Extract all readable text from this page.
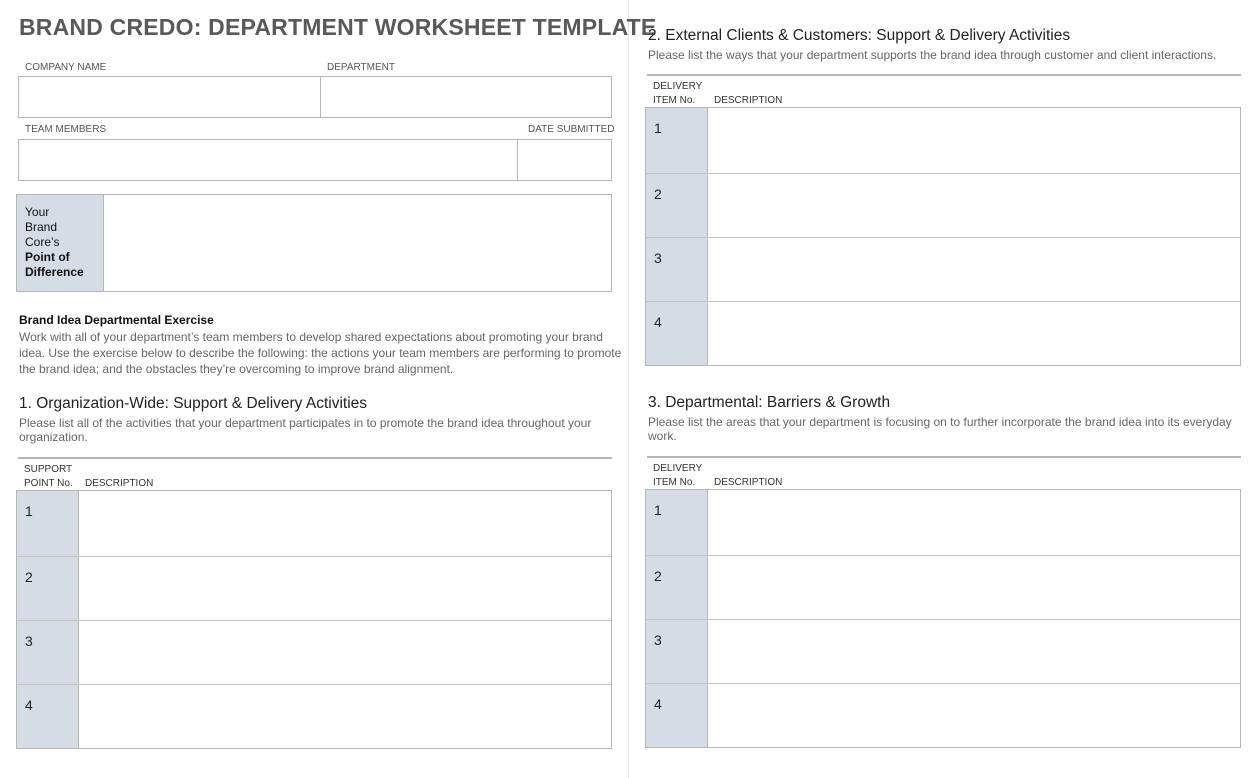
BRAND CREDO: DEPARTMENT WORKSHEET TEMPLATE
COMPANY NAME	DEPARTMENT
TEAM MEMBERS	DATE SUBMITTED
Your
Brand
Core’s
Point of
Difference
Brand Idea Departmental Exercise
Work with all of your department’s team members to develop shared expectations about promoting your brand idea. Use the exercise below to describe the following: the actions your team members are performing to promote the brand idea; and the obstacles they’re overcoming to improve brand alignment.
1. Organization-Wide: Support & Delivery Activities
Please list all of the activities that your department participates in to promote the brand idea throughout your organization.
SUPPORT
POINT No. DESCRIPTION
1
2
3
4
2. External Clients & Customers: Support & Delivery Activities
Please list the ways that your department supports the brand idea through customer and client interactions.
DELIVERY
ITEM No.	DESCRIPTION
1
2
3
4
3. Departmental: Barriers & Growth
Please list the areas that your department is focusing on to further incorporate the brand idea into its everyday work.
DELIVERY
ITEM No.	DESCRIPTION
1
2
3
4
